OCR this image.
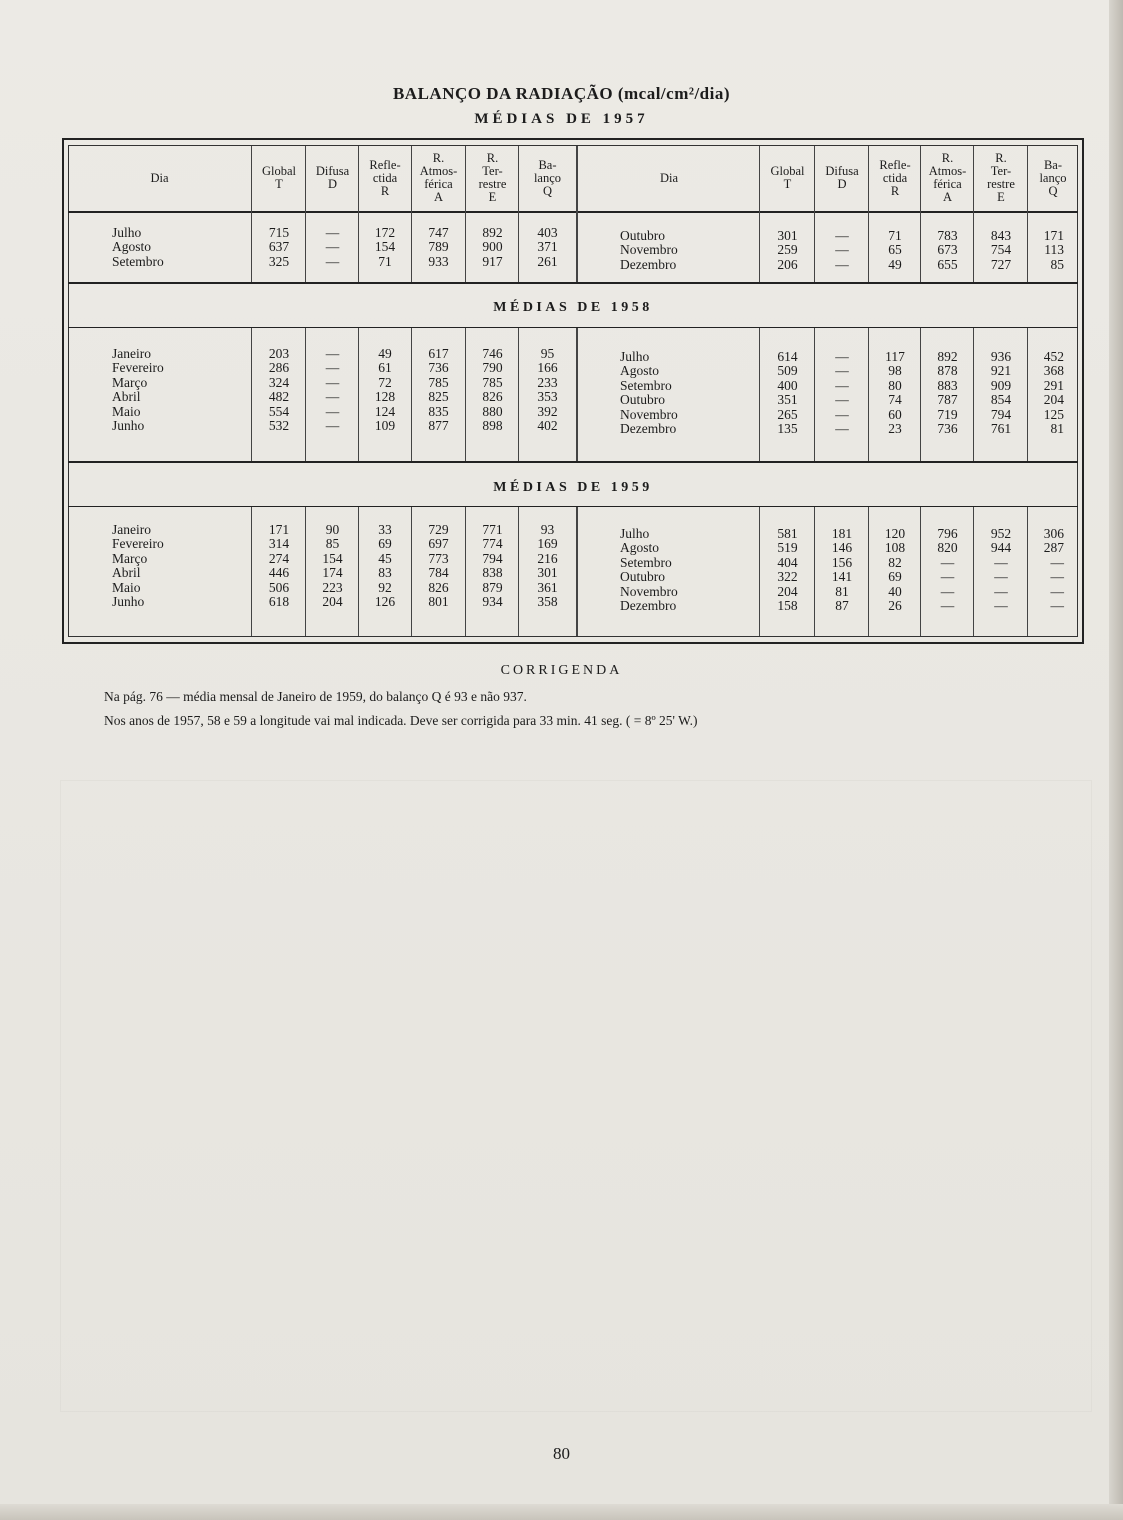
BALANÇO DA RADIAÇÃO (mcal/cm²/dia)
MÉDIAS DE 1957
Dia	Global
T
Difusa
D
Refle-
ctida
R
R.
Atmos-
férica
A
R.
Ter-
restre
E
Ba-
lanço
Q
Dia	Global
T
Difusa
D
Refle-
ctida
R
R.
Atmos-
férica
A
R.
Ter-
restre
E
Ba-
lanço
Q
MÉDIAS DE 1958
MÉDIAS DE 1959
Julho
Agosto
Setembro
715
637
325
—
—
—
172
154
71
747
789
933
892
900
917
403
371
261
Outubro
Novembro
Dezembro
301
259
206
—
—
—
71
65
49
783
673
655
843
754
727
171
113
85
Janeiro
Fevereiro
Março
Abril
Maio
Junho
203
286
324
482
554
532
—
—
—
—
—
—
49
61
72
128
124
109
617
736
785
825
835
877
746
790
785
826
880
898
95
166
233
353
392
402
Julho
Agosto
Setembro
Outubro
Novembro
Dezembro
614
509
400
351
265
135
—
—
—
—
—
—
117
98
80
74
60
23
892
878
883
787
719
736
936
921
909
854
794
761
452
368
291
204
125
81
Janeiro
Fevereiro
Março
Abril
Maio
Junho
171
314
274
446
506
618
90
85
154
174
223
204
33
69
45
83
92
126
729
697
773
784
826
801
771
774
794
838
879
934
93
169
216
301
361
358
Julho
Agosto
Setembro
Outubro
Novembro
Dezembro
581
519
404
322
204
158
181
146
156
141
81
87
120
108
82
69
40
26
796
820
—
—
—
—
952
944
—
—
—
—
306
287
—
—
—
—
CORRIGENDA
Na pág. 76 — média mensal de Janeiro de 1959, do balanço Q é 93 e não 937.
Nos anos de 1957, 58 e 59 a longitude vai mal indicada. Deve ser corrigida para 33 min. 41 seg. ( = 8º 25' W.)
80
